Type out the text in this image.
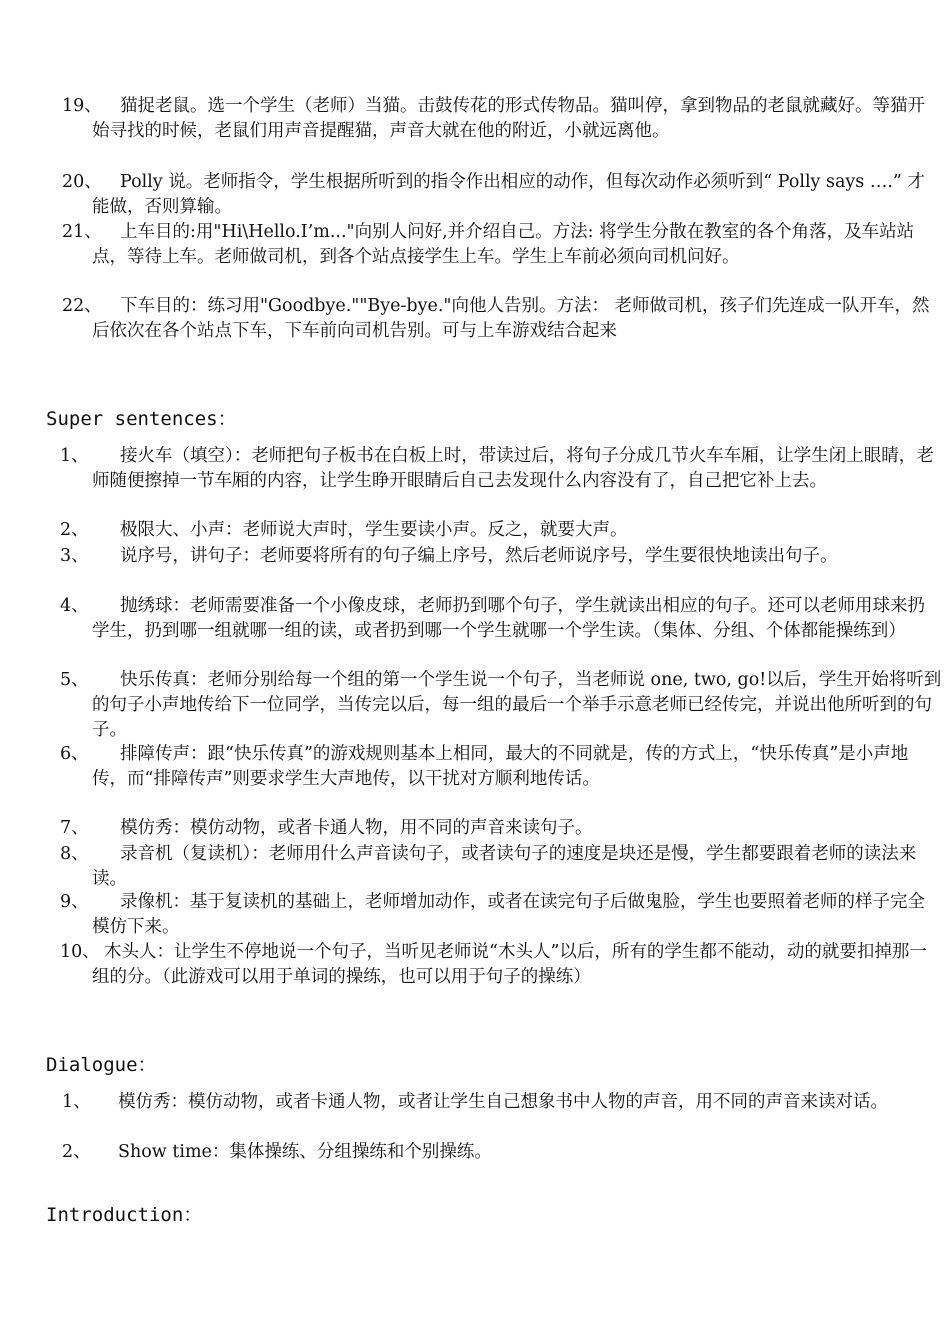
19、 猫捉老鼠。选一个学生（老师）当猫。击鼓传花的形式传物品。猫叫停，拿到物品的老鼠就藏好。等猫开始寻找的时候，老鼠们用声音提醒猫，声音大就在他的附近，小就远离他。
20、 Polly 说。老师指令，学生根据所听到的指令作出相应的动作，但每次动作必须听到“ Polly says ….” 才能做，否则算输。
21、 上车目的:用"Hi\Hello.I’m..."向别人问好,并介绍自己。方法: 将学生分散在教室的各个角落，及车站站点，等待上车。老师做司机，到各个站点接学生上车。学生上车前必须向司机问好。
22、 下车目的：练习用"Goodbye.""Bye-bye."向他人告别。方法： 老师做司机，孩子们先连成一队开车，然后依次在各个站点下车，下车前向司机告别。可与上车游戏结合起来
Super sentences：
1、 接火车（填空）：老师把句子板书在白板上时，带读过后，将句子分成几节火车车厢，让学生闭上眼睛，老师随便擦掉一节车厢的内容，让学生睁开眼睛后自己去发现什么内容没有了，自己把它补上去。
2、 极限大、小声：老师说大声时，学生要读小声。反之，就要大声。
3、 说序号，讲句子：老师要将所有的句子编上序号，然后老师说序号，学生要很快地读出句子。
4、 抛绣球：老师需要准备一个小像皮球，老师扔到哪个句子，学生就读出相应的句子。还可以老师用球来扔学生，扔到哪一组就哪一组的读，或者扔到哪一个学生就哪一个学生读。（集体、分组、个体都能操练到）
5、 快乐传真：老师分别给每一个组的第一个学生说一个句子，当老师说 one, two, go!以后，学生开始将听到的句子小声地传给下一位同学，当传完以后，每一组的最后一个举手示意老师已经传完，并说出他所听到的句子。
6、 排障传声：跟“快乐传真”的游戏规则基本上相同，最大的不同就是，传的方式上，“快乐传真”是小声地传，而“排障传声”则要求学生大声地传，以干扰对方顺利地传话。
7、 模仿秀：模仿动物，或者卡通人物，用不同的声音来读句子。
8、 录音机（复读机）：老师用什么声音读句子，或者读句子的速度是块还是慢，学生都要跟着老师的读法来读。
9、 录像机：基于复读机的基础上，老师增加动作，或者在读完句子后做鬼脸，学生也要照着老师的样子完全模仿下来。
10、 木头人：让学生不停地说一个句子，当听见老师说“木头人”以后，所有的学生都不能动，动的就要扣掉那一组的分。（此游戏可以用于单词的操练，也可以用于句子的操练）
Dialogue：
1、 模仿秀：模仿动物，或者卡通人物，或者让学生自己想象书中人物的声音，用不同的声音来读对话。
2、 Show time：集体操练、分组操练和个别操练。
Introduction：
